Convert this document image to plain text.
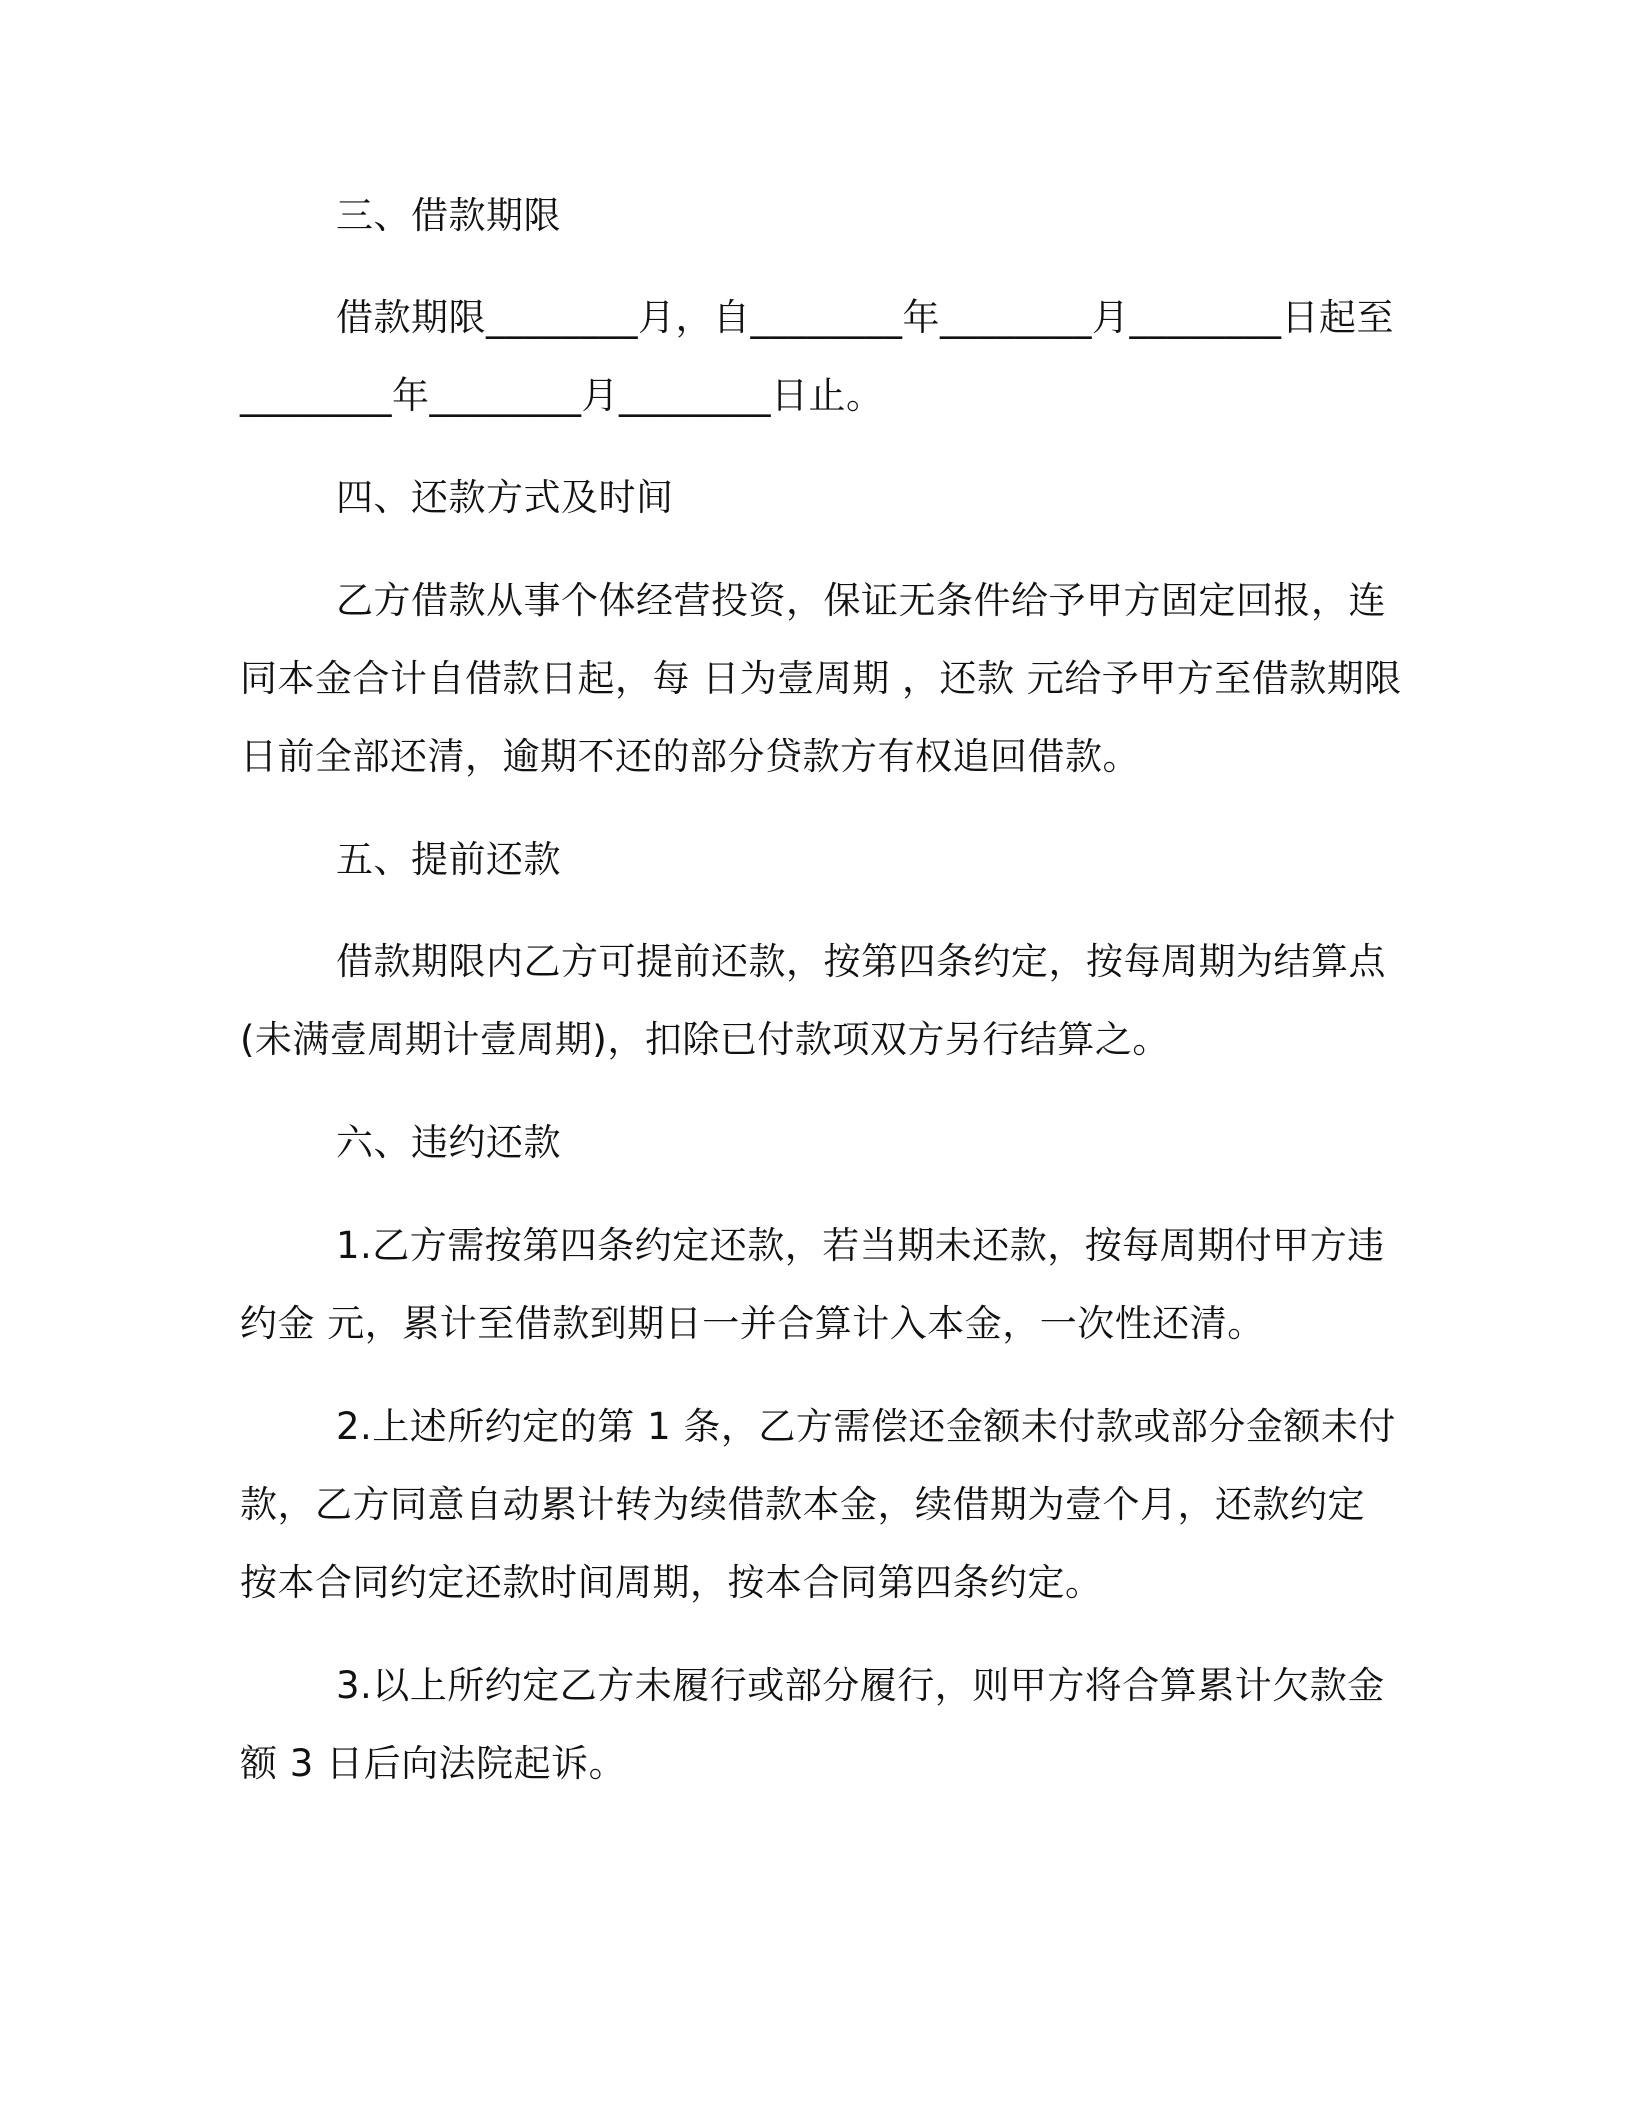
三、借款期限
借款期限________月，自________年________月________日起至
________年________月________日止。
四、还款方式及时间
乙方借款从事个体经营投资，保证无条件给予甲方固定回报，连
同本金合计自借款日起，每 日为壹周期 ，还款 元给予甲方至借款期限
日前全部还清，逾期不还的部分贷款方有权追回借款。
五、提前还款
借款期限内乙方可提前还款，按第四条约定，按每周期为结算点
(未满壹周期计壹周期)，扣除已付款项双方另行结算之。
六、违约还款
1.乙方需按第四条约定还款，若当期未还款，按每周期付甲方违
约金 元，累计至借款到期日一并合算计入本金，一次性还清。
2.上述所约定的第 1 条，乙方需偿还金额未付款或部分金额未付
款，乙方同意自动累计转为续借款本金，续借期为壹个月，还款约定
按本合同约定还款时间周期，按本合同第四条约定。
3.以上所约定乙方未履行或部分履行，则甲方将合算累计欠款金
额 3 日后向法院起诉。
